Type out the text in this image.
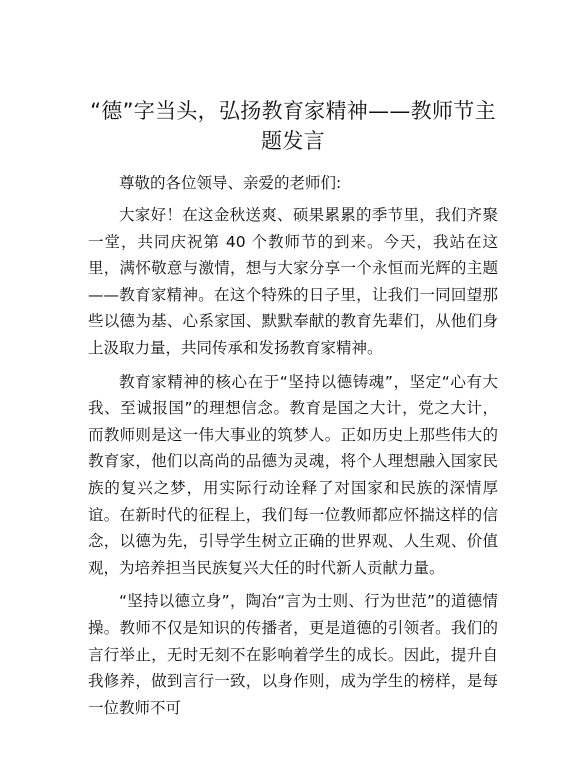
“德”字当头，弘扬教育家精神——教师节主题发言

尊敬的各位领导、亲爱的老师们:

大家好！在这金秋送爽、硕果累累的季节里，我们齐聚一堂，共同庆祝第 40 个教师节的到来。今天，我站在这里，满怀敬意与激情，想与大家分享一个永恒而光辉的主题——教育家精神。在这个特殊的日子里，让我们一同回望那些以德为基、心系家国、默默奉献的教育先辈们，从他们身上汲取力量，共同传承和发扬教育家精神。

教育家精神的核心在于“坚持以德铸魂”，坚定“心有大我、至诚报国”的理想信念。教育是国之大计，党之大计，而教师则是这一伟大事业的筑梦人。正如历史上那些伟大的教育家，他们以高尚的品德为灵魂，将个人理想融入国家民族的复兴之梦，用实际行动诠释了对国家和民族的深情厚谊。在新时代的征程上，我们每一位教师都应怀揣这样的信念，以德为先，引导学生树立正确的世界观、人生观、价值观，为培养担当民族复兴大任的时代新人贡献力量。

“坚持以德立身”，陶冶“言为士则、行为世范”的道德情操。教师不仅是知识的传播者，更是道德的引领者。我们的言行举止，无时无刻不在影响着学生的成长。因此，提升自我修养，做到言行一致，以身作则，成为学生的榜样，是每一位教师不可
